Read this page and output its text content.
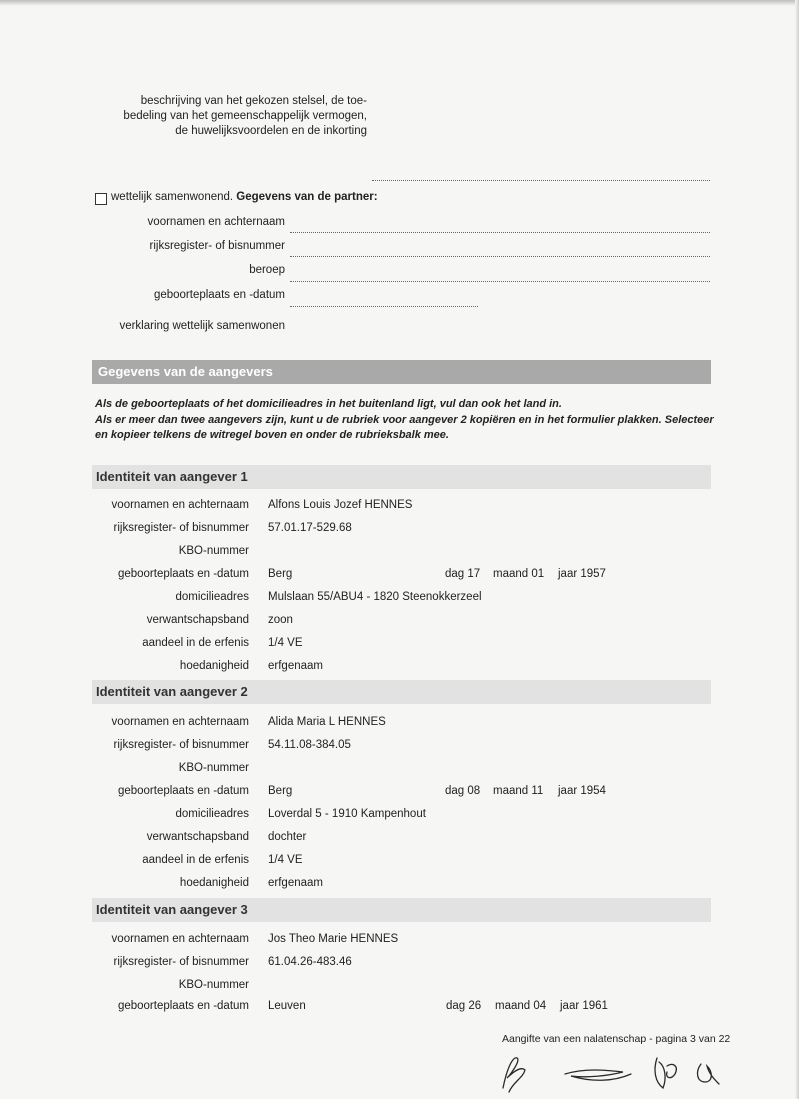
beschrijving van het gekozen stelsel, de toe-
bedeling van het gemeenschappelijk vermogen,
de huwelijksvoordelen en de inkorting
wettelijk samenwonend. Gegevens van de partner:
voornamen en achternaam
rijksregister- of bisnummer
beroep
geboorteplaats en -datum
verklaring wettelijk samenwonen
Gegevens van de aangevers
Als de geboorteplaats of het domicilieadres in het buitenland ligt, vul dan ook het land in.
Als er meer dan twee aangevers zijn, kunt u de rubriek voor aangever 2 kopiëren en in het formulier plakken. Selecteer
en kopieer telkens de witregel boven en onder de rubrieksbalk mee.
Identiteit van aangever 1
voornamen en achternaam Alfons Louis Jozef HENNES
rijksregister- of bisnummer 57.01.17-529.68
KBO-nummer
geboorteplaats en -datum Berg	dag 17 maand 01 jaar 1957
domicilieadres Mulslaan 55/ABU4 - 1820 Steenokkerzeel
verwantschapsband zoon
aandeel in de erfenis 1/4 VE
hoedanigheid erfgenaam
Identiteit van aangever 2
voornamen en achternaam Alida Maria L HENNES
rijksregister- of bisnummer 54.11.08-384.05
KBO-nummer
geboorteplaats en -datum Berg	dag 08 maand 11 jaar 1954
domicilieadres Loverdal 5 - 1910 Kampenhout
verwantschapsband dochter
aandeel in de erfenis 1/4 VE
hoedanigheid erfgenaam
Identiteit van aangever 3
voornamen en achternaam Jos Theo Marie HENNES
rijksregister- of bisnummer 61.04.26-483.46
KBO-nummer
geboorteplaats en -datum Leuven	dag 26 maand 04 jaar 1961
Aangifte van een nalatenschap - pagina 3 van 22
